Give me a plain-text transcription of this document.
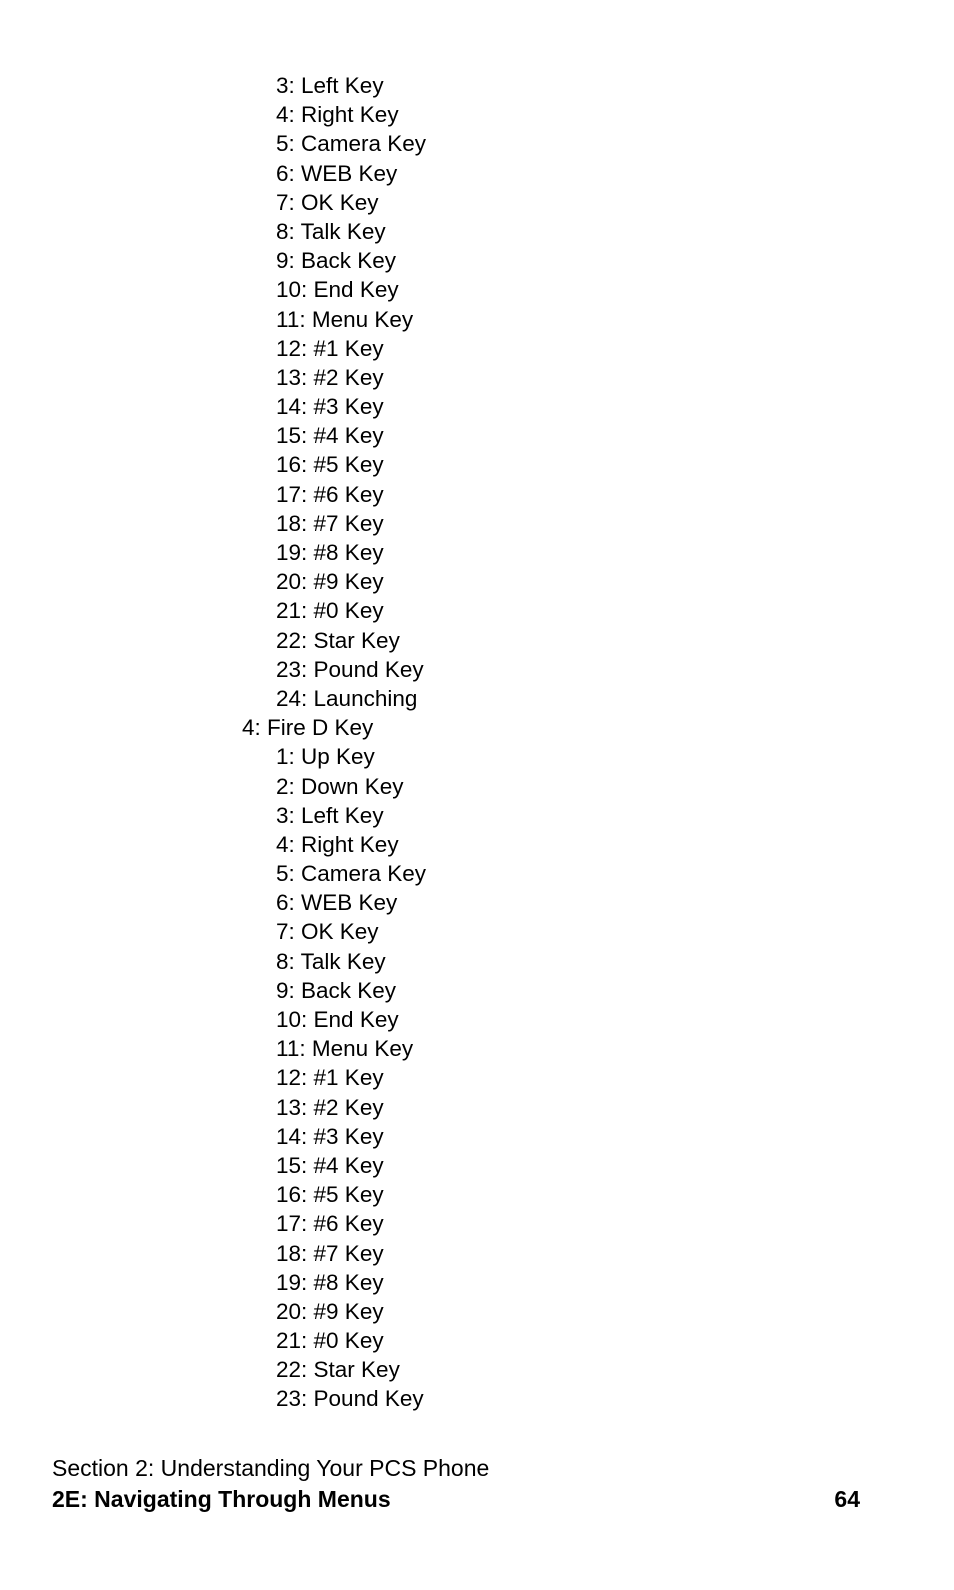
3: Left Key
4: Right Key
5: Camera Key
6: WEB Key
7: OK Key
8: Talk Key
9: Back Key
10: End Key
11: Menu Key
12: #1 Key
13: #2 Key
14: #3 Key
15: #4 Key
16: #5 Key
17: #6 Key
18: #7 Key
19: #8 Key
20: #9 Key
21: #0 Key
22: Star Key
23: Pound Key
24: Launching
4: Fire D Key
1: Up Key
2: Down Key
3: Left Key
4: Right Key
5: Camera Key
6: WEB Key
7: OK Key
8: Talk Key
9: Back Key
10: End Key
11: Menu Key
12: #1 Key
13: #2 Key
14: #3 Key
15: #4 Key
16: #5 Key
17: #6 Key
18: #7 Key
19: #8 Key
20: #9 Key
21: #0 Key
22: Star Key
23: Pound Key
Section 2: Understanding Your PCS Phone
2E: Navigating Through Menus	64
